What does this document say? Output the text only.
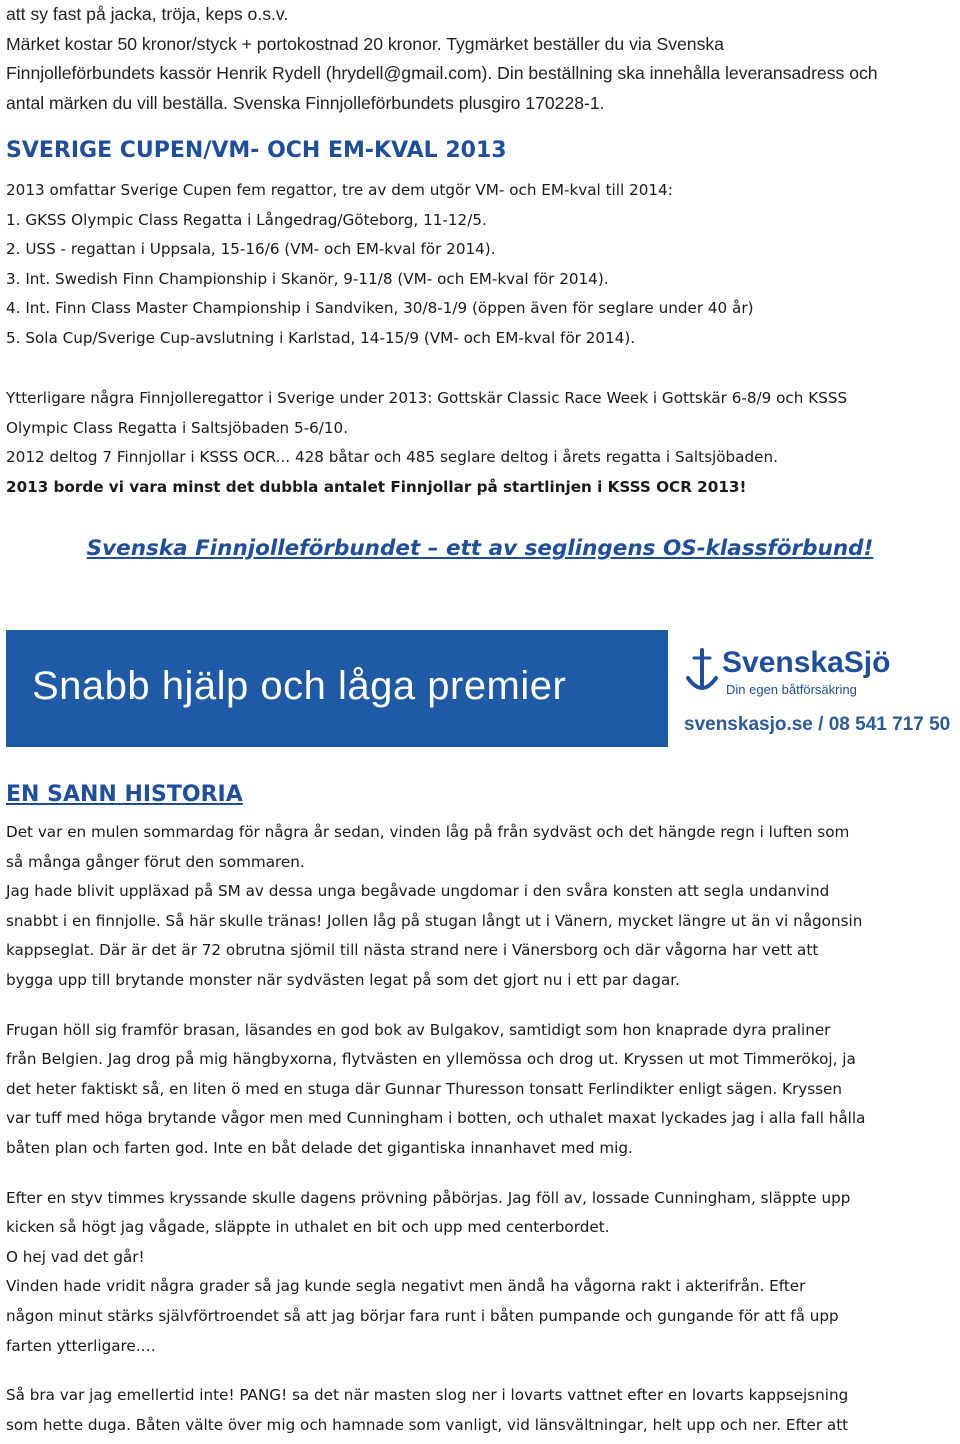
att sy fast på jacka, tröja, keps o.s.v.

Märket kostar 50 kronor/styck + portokostnad 20 kronor. Tygmärket beställer du via Svenska

Finnjolleförbundets kassör Henrik Rydell (hrydell@gmail.com). Din beställning ska innehålla leveransadress och

antal märken du vill beställa. Svenska Finnjolleförbundets plusgiro 170228-1.

SVERIGE CUPEN/VM- OCH EM-KVAL 2013

2013 omfattar Sverige Cupen fem regattor, tre av dem utgör VM- och EM-kval till 2014:

1. GKSS Olympic Class Regatta i Långedrag/Göteborg, 11-12/5.

2. USS - regattan i Uppsala, 15-16/6 (VM- och EM-kval för 2014).

3. Int. Swedish Finn Championship i Skanör, 9-11/8 (VM- och EM-kval för 2014).

4. Int. Finn Class Master Championship i Sandviken, 30/8-1/9 (öppen även för seglare under 40 år)

5. Sola Cup/Sverige Cup-avslutning i Karlstad, 14-15/9 (VM- och EM-kval för 2014).

Ytterligare några Finnjolleregattor i Sverige under 2013: Gottskär Classic Race Week i Gottskär 6-8/9 och KSSS

Olympic Class Regatta i Saltsjöbaden 5-6/10.

2012 deltog 7 Finnjollar i KSSS OCR... 428 båtar och 485 seglare deltog i årets regatta i Saltsjöbaden.

2013 borde vi vara minst det dubbla antalet Finnjollar på startlinjen i KSSS OCR 2013!

Svenska Finnjolleförbundet – ett av seglingens OS-klassförbund!
Snabb hjälp och låga premier
SvenskaSjö
Din egen båtförsäkring
svenskasjo.se / 08 541 717 50
EN SANN HISTORIA

Det var en mulen sommardag för några år sedan, vinden låg på från sydväst och det hängde regn i luften som

så många gånger förut den sommaren.

Jag hade blivit uppläxad på SM av dessa unga begåvade ungdomar i den svåra konsten att segla undanvind

snabbt i en finnjolle. Så här skulle tränas! Jollen låg på stugan långt ut i Vänern, mycket längre ut än vi någonsin

kappseglat. Där är det är 72 obrutna sjömil till nästa strand nere i Vänersborg och där vågorna har vett att

bygga upp till brytande monster när sydvästen legat på som det gjort nu i ett par dagar.

Frugan höll sig framför brasan, läsandes en god bok av Bulgakov, samtidigt som hon knaprade dyra praliner

från Belgien. Jag drog på mig hängbyxorna, flytvästen en yllemössa och drog ut. Kryssen ut mot Timmerökoj, ja

det heter faktiskt så, en liten ö med en stuga där Gunnar Thuresson tonsatt Ferlindikter enligt sägen. Kryssen

var tuff med höga brytande vågor men med Cunningham i botten, och uthalet maxat lyckades jag i alla fall hålla

båten plan och farten god. Inte en båt delade det gigantiska innanhavet med mig.

Efter en styv timmes kryssande skulle dagens prövning påbörjas. Jag föll av, lossade Cunningham, släppte upp

kicken så högt jag vågade, släppte in uthalet en bit och upp med centerbordet.

O hej vad det går!

Vinden hade vridit några grader så jag kunde segla negativt men ändå ha vågorna rakt i akterifrån. Efter

någon minut stärks självförtroendet så att jag börjar fara runt i båten pumpande och gungande för att få upp

farten ytterligare.…

Så bra var jag emellertid inte! PANG! sa det när masten slog ner i lovarts vattnet efter en lovarts kappsejsning

som hette duga. Båten välte över mig och hamnade som vanligt, vid länsvältningar, helt upp och ner. Efter att
